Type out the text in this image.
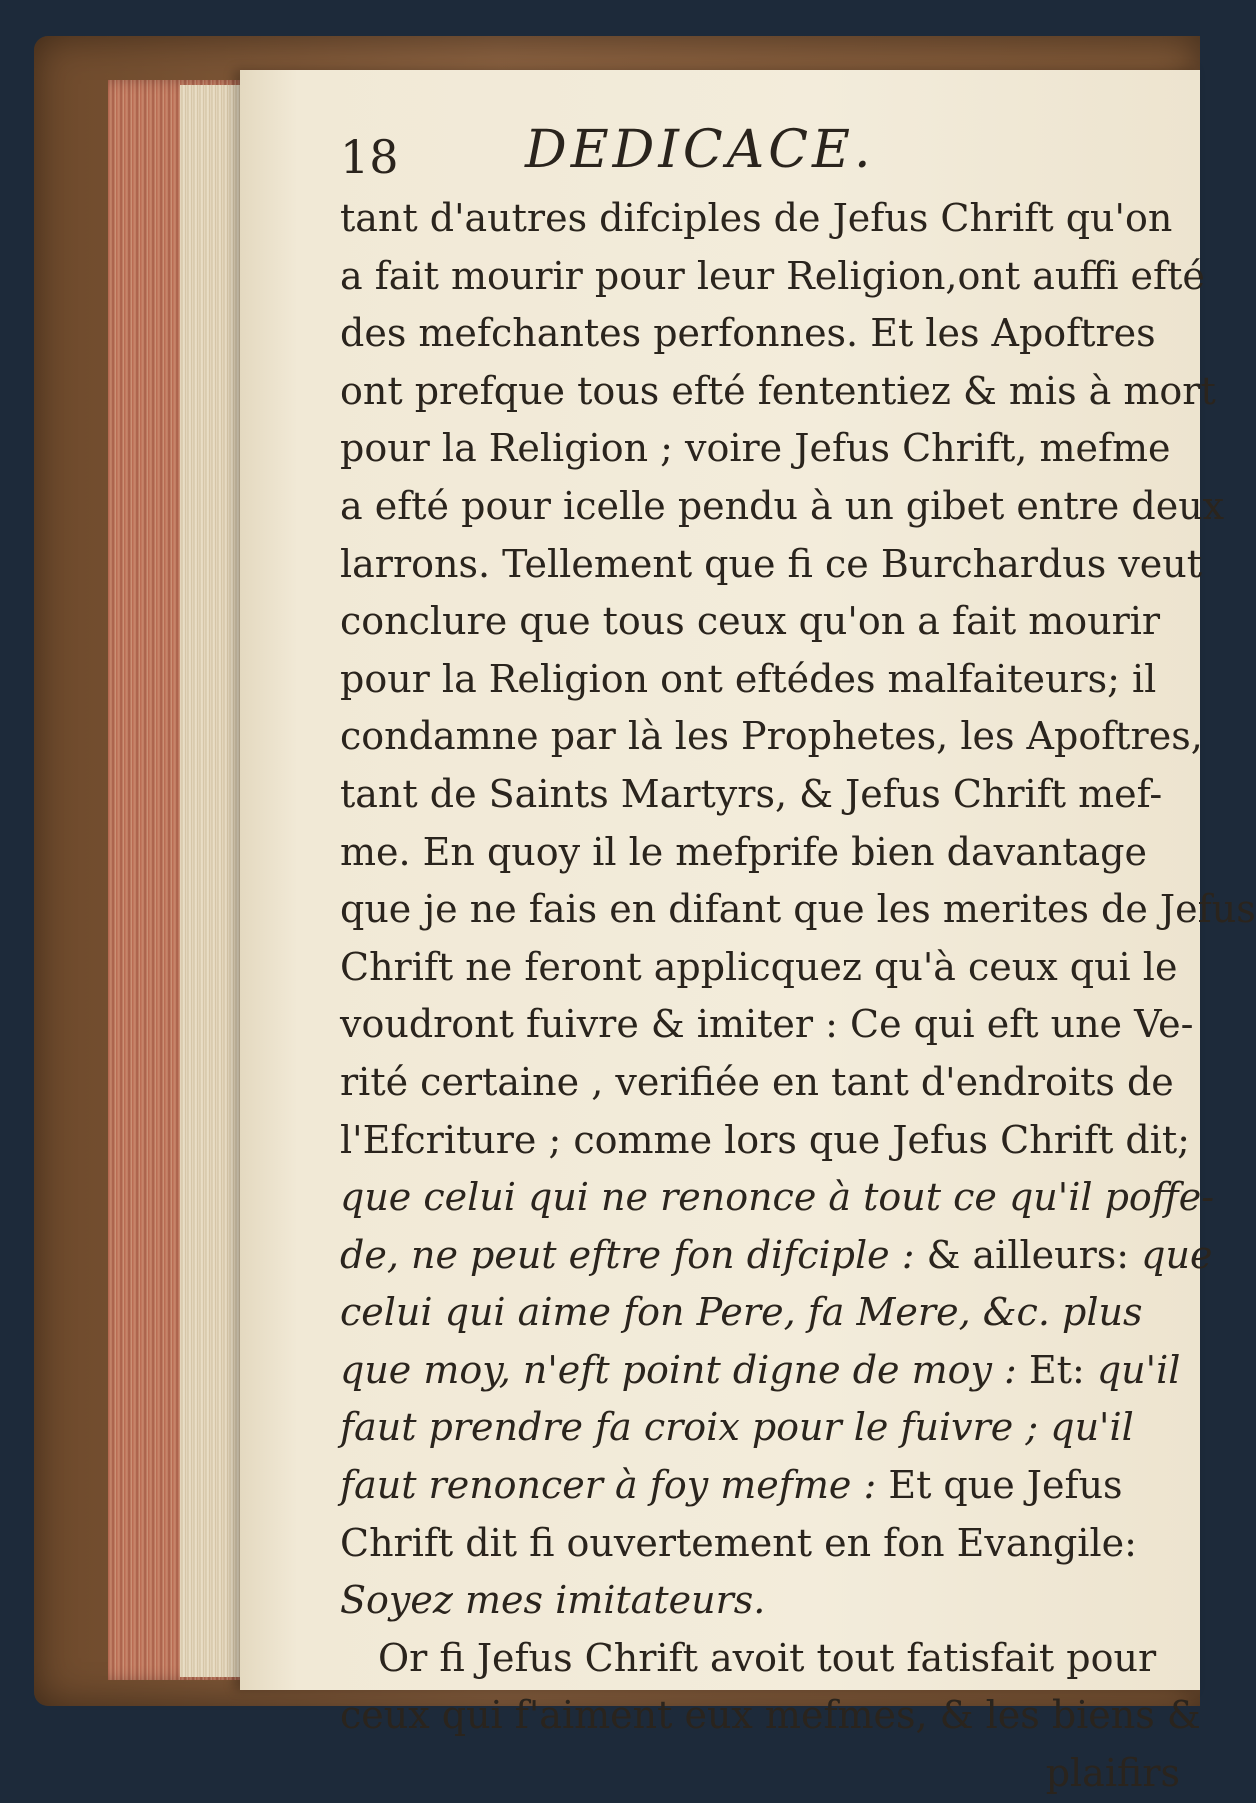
18 DEDICACE.
tant d'autres difciples de Jefus Chrift qu'on
a fait mourir pour leur Religion,ont auffi efté
des mefchantes perfonnes. Et les Apoftres
ont prefque tous efté fententiez & mis à mort
pour la Religion ; voire Jefus Chrift, mefme
a efté pour icelle pendu à un gibet entre deux
larrons. Tellement que fi ce Burchardus veut
conclure que tous ceux qu'on a fait mourir
pour la Religion ont eftédes malfaiteurs; il
condamne par là les Prophetes, les Apoftres,
tant de Saints Martyrs, & Jefus Chrift mef-
me. En quoy il le mefprife bien davantage
que je ne fais en difant que les merites de Jefus
Chrift ne feront applicquez qu'à ceux qui le
voudront fuivre & imiter : Ce qui eft une Ve-
rité certaine , verifiée en tant d'endroits de
l'Efcriture ; comme lors que Jefus Chrift dit;
que celui qui ne renonce à tout ce qu'il poffe-
de, ne peut eftre fon difciple : & ailleurs: que
celui qui aime fon Pere, fa Mere, &c. plus
que moy, n'eft point digne de moy : Et: qu'il
faut prendre fa croix pour le fuivre ; qu'il
faut renoncer à foy mefme : Et que Jefus
Chrift dit fi ouvertement en fon Evangile:
Soyez mes imitateurs.
Or fi Jefus Chrift avoit tout fatisfait pour
ceux qui f'aiment eux mefmes, & les biens &
plaifirs
